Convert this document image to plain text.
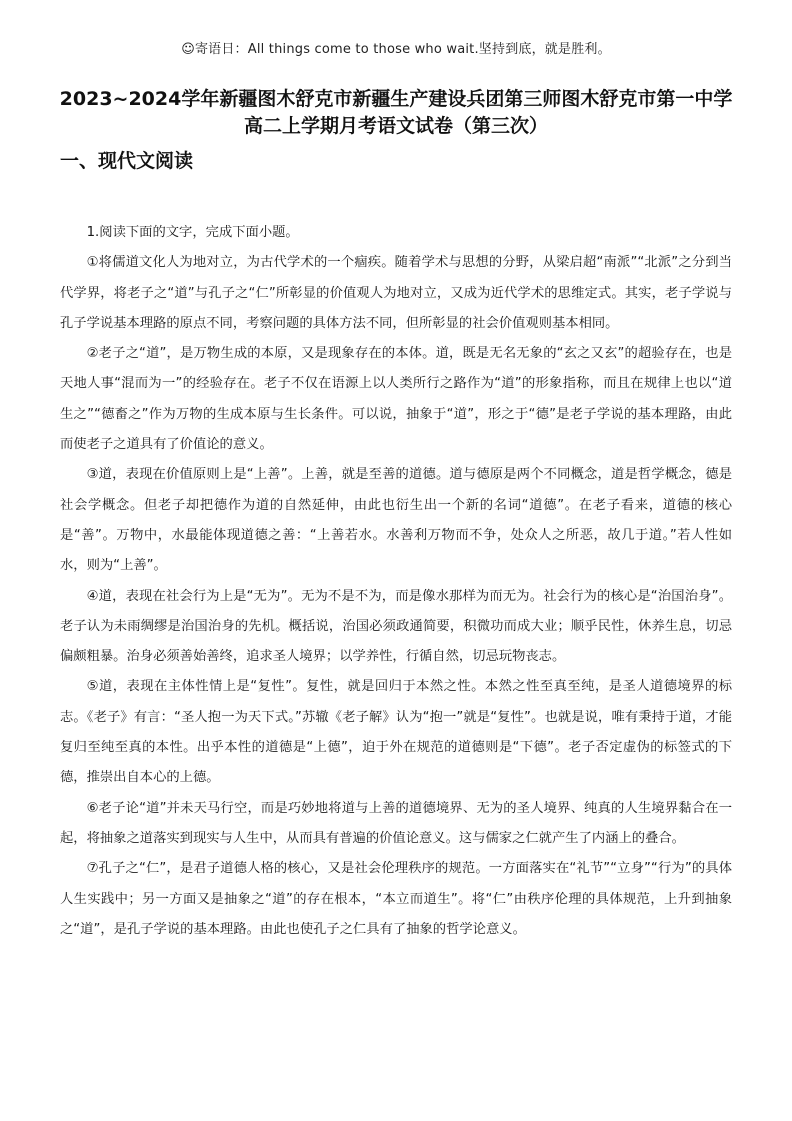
☺寄语日：All things come to those who wait.坚持到底，就是胜利。
2023~2024学年新疆图木舒克市新疆生产建设兵团第三师图木舒克市第一中学
高二上学期月考语文试卷（第三次）
一、现代文阅读

1.阅读下面的文字，完成下面小题。

①将儒道文化人为地对立，为古代学术的一个痼疾。随着学术与思想的分野，从梁启超“南派”“北派”之分到当代学界，将老子之“道”与孔子之“仁”所彰显的价值观人为地对立，又成为近代学术的思维定式。其实，老子学说与孔子学说基本理路的原点不同，考察问题的具体方法不同，但所彰显的社会价值观则基本相同。

②老子之“道”，是万物生成的本原，又是现象存在的本体。道，既是无名无象的“玄之又玄”的超验存在，也是天地人事“混而为一”的经验存在。老子不仅在语源上以人类所行之路作为“道”的形象指称，而且在规律上也以“道生之”“德畜之”作为万物的生成本原与生长条件。可以说，抽象于“道”，形之于“德”是老子学说的基本理路，由此而使老子之道具有了价值论的意义。

③道，表现在价值原则上是“上善”。上善，就是至善的道德。道与德原是两个不同概念，道是哲学概念，德是社会学概念。但老子却把德作为道的自然延伸，由此也衍生出一个新的名词“道德”。在老子看来，道德的核心是“善”。万物中，水最能体现道德之善：“上善若水。水善利万物而不争，处众人之所恶，故几于道。”若人性如水，则为“上善”。

④道，表现在社会行为上是“无为”。无为不是不为，而是像水那样为而无为。社会行为的核心是“治国治身”。老子认为未雨绸缪是治国治身的先机。概括说，治国必须政通简要，积微功而成大业；顺乎民性，休养生息，切忌偏颇粗暴。治身必须善始善终，追求圣人境界；以学养性，行循自然，切忌玩物丧志。

⑤道，表现在主体性情上是“复性”。复性，就是回归于本然之性。本然之性至真至纯，是圣人道德境界的标志。《老子》有言：“圣人抱一为天下式。”苏辙《老子解》认为“抱一”就是“复性”。也就是说，唯有秉持于道，才能复归至纯至真的本性。出乎本性的道德是“上德”，迫于外在规范的道德则是“下德”。老子否定虚伪的标签式的下德，推崇出自本心的上德。

⑥老子论“道”并未天马行空，而是巧妙地将道与上善的道德境界、无为的圣人境界、纯真的人生境界黏合在一起，将抽象之道落实到现实与人生中，从而具有普遍的价值论意义。这与儒家之仁就产生了内涵上的叠合。

⑦孔子之“仁”，是君子道德人格的核心，又是社会伦理秩序的规范。一方面落实在“礼节”“立身”“行为”的具体人生实践中；另一方面又是抽象之“道”的存在根本，“本立而道生”。将“仁”由秩序伦理的具体规范，上升到抽象之“道”，是孔子学说的基本理路。由此也使孔子之仁具有了抽象的哲学论意义。
